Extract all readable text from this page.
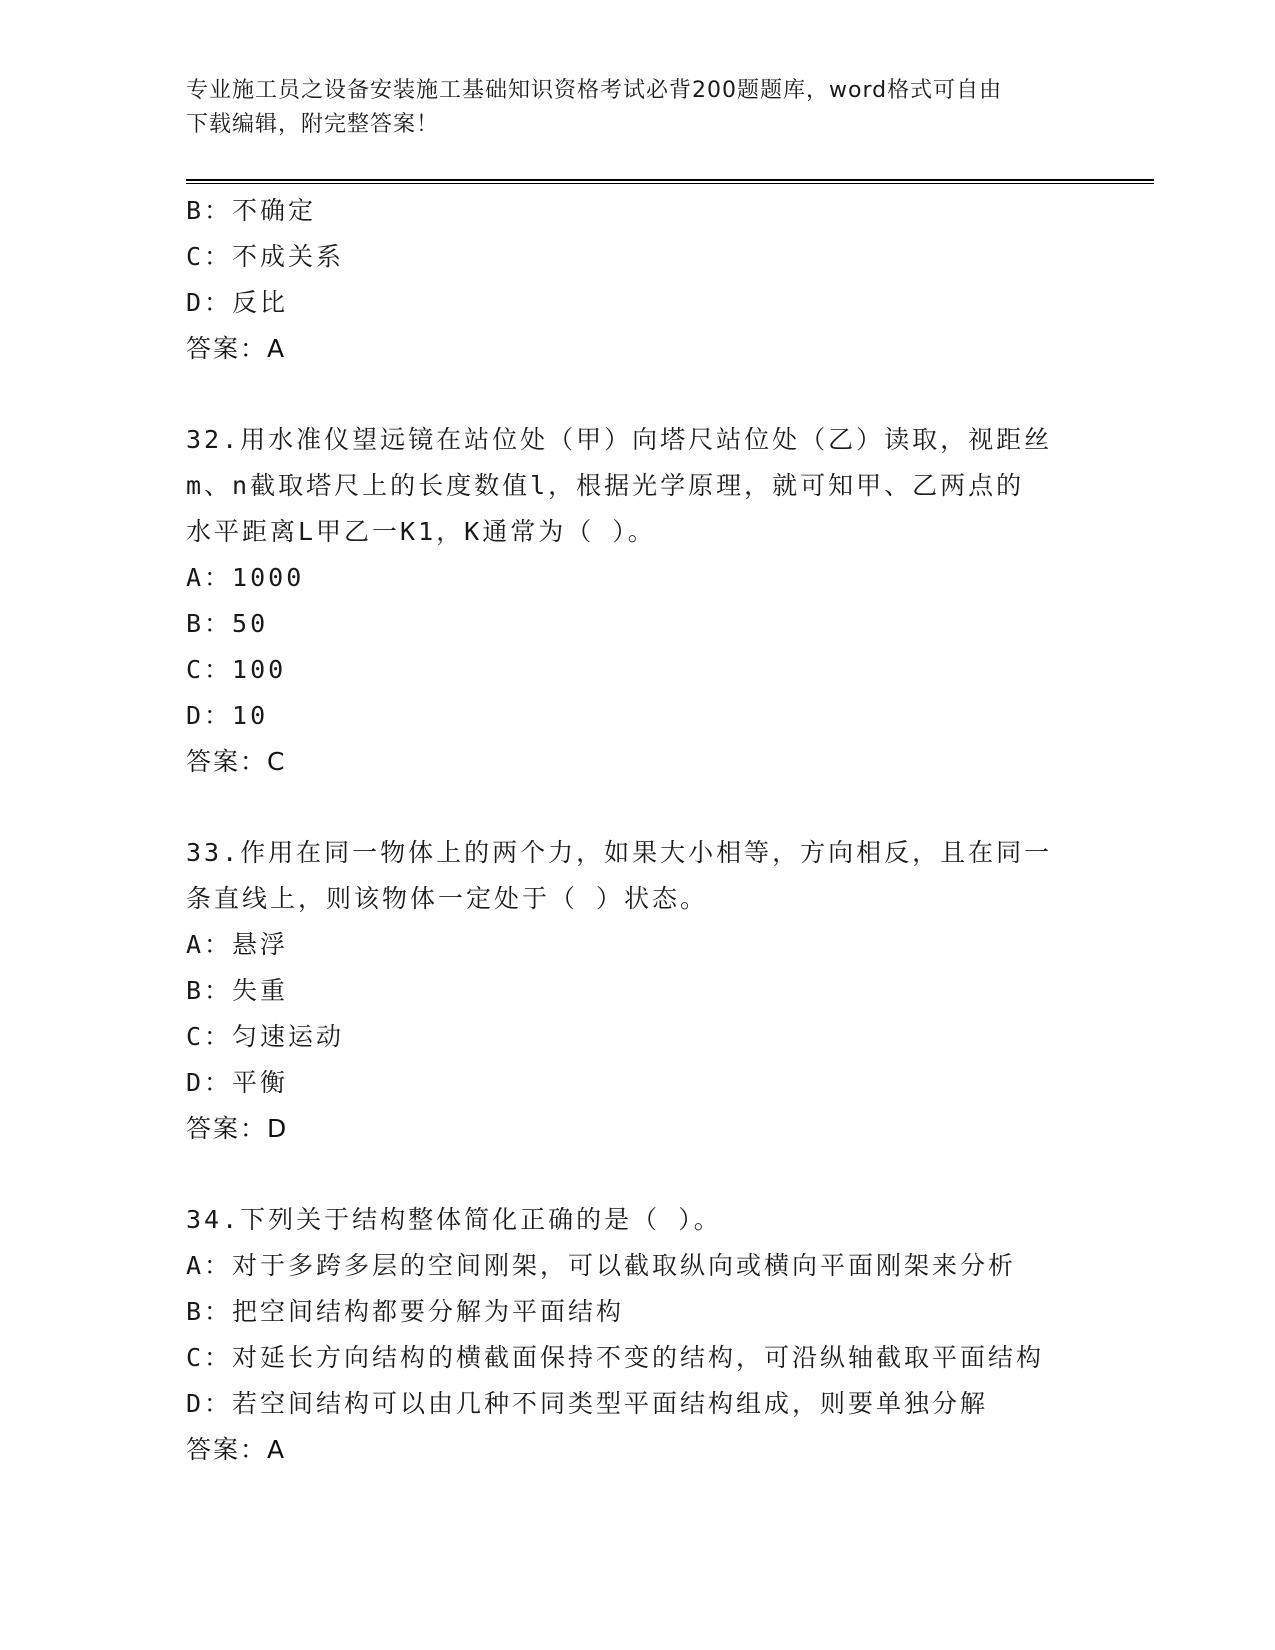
专业施工员之设备安装施工基础知识资格考试必背200题题库，word格式可自由
下载编辑，附完整答案！
B：不确定
C：不成关系
D：反比
答案：A
32.用水准仪望远镜在站位处（甲）向塔尺站位处（乙）读取，视距丝
m、n截取塔尺上的长度数值l，根据光学原理，就可知甲、乙两点的
水平距离L甲乙一K1，K通常为（ ）。
A：1000
B：50
C：100
D：10
答案：C
33.作用在同一物体上的两个力，如果大小相等，方向相反，且在同一
条直线上，则该物体一定处于（ ）状态。
A：悬浮
B：失重
C：匀速运动
D：平衡
答案：D
34.下列关于结构整体简化正确的是（ ）。
A：对于多跨多层的空间刚架，可以截取纵向或横向平面刚架来分析
B：把空间结构都要分解为平面结构
C：对延长方向结构的横截面保持不变的结构，可沿纵轴截取平面结构
D：若空间结构可以由几种不同类型平面结构组成，则要单独分解
答案：A
